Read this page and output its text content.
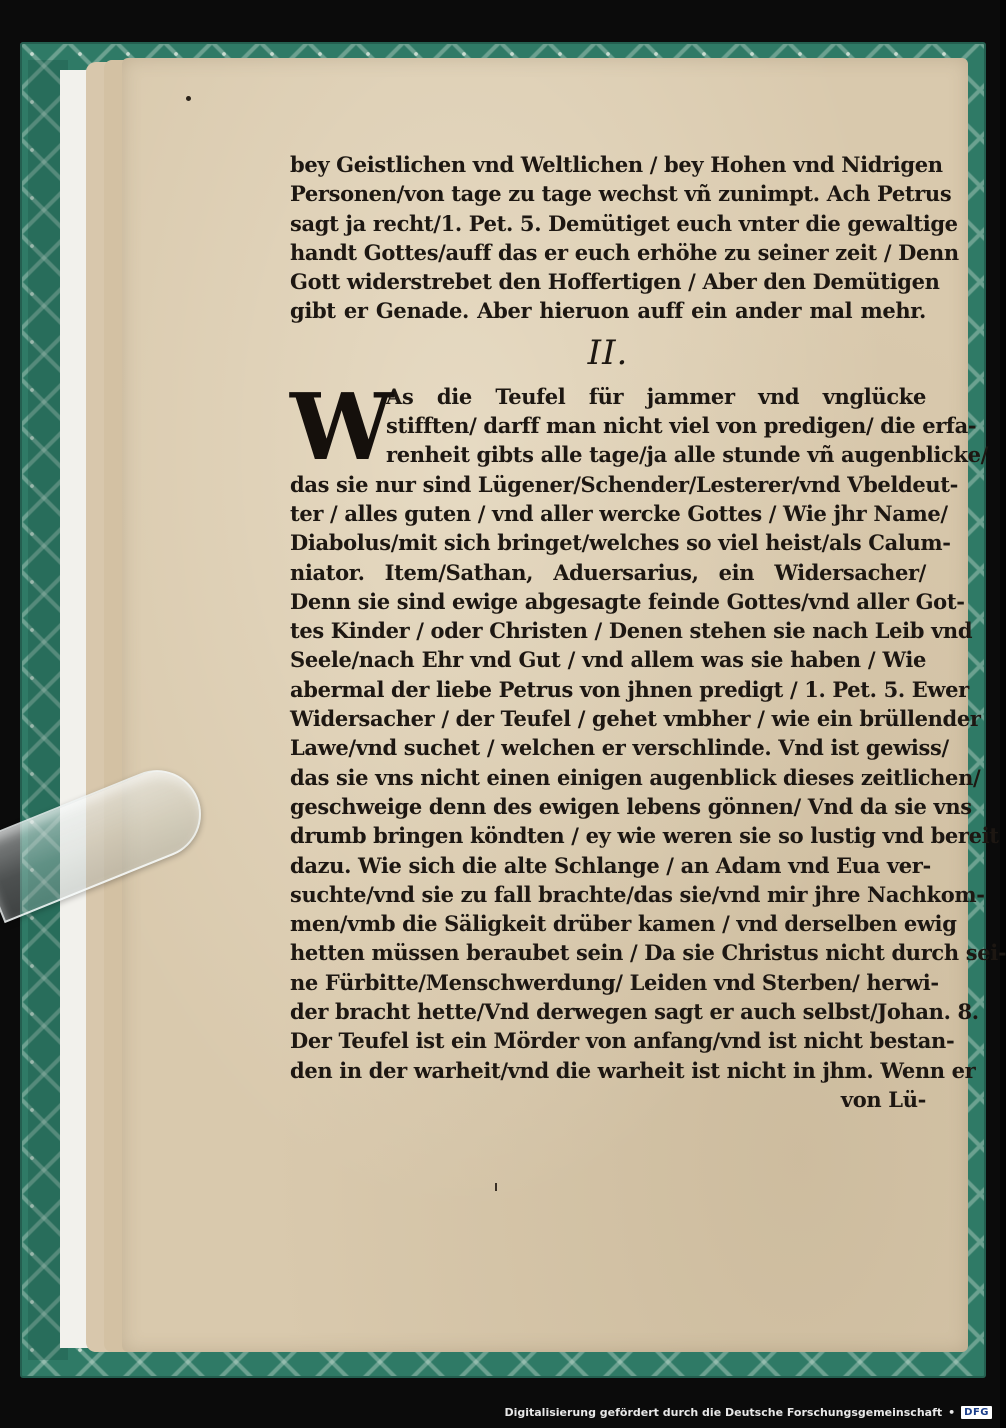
bey Geistlichen vnd Weltlichen / bey Hohen vnd Nidrigen
Personen/von tage zu tage wechst vñ zunimpt. Ach Petrus
sagt ja recht/1. Pet. 5. Demütiget euch vnter die gewaltige
handt Gottes/auff das er euch erhöhe zu seiner zeit / Denn
Gott widerstrebet den Hoffertigen / Aber den Demütigen
gibt er Genade. Aber hieruon auff ein ander mal mehr.
II.
W
As die Teufel für jammer vnd vnglücke
stifften/ darff man nicht viel von predigen/ die erfa-
renheit gibts alle tage/ja alle stunde vñ augenblicke/
das sie nur sind Lügener/Schender/Lesterer/vnd Vbeldeut-
ter / alles guten / vnd aller wercke Gottes / Wie jhr Name/
Diabolus/mit sich bringet/welches so viel heist/als Calum-
niator. Item/Sathan, Aduersarius, ein Widersacher/
Denn sie sind ewige abgesagte feinde Gottes/vnd aller Got-
tes Kinder / oder Christen / Denen stehen sie nach Leib vnd
Seele/nach Ehr vnd Gut / vnd allem was sie haben / Wie
abermal der liebe Petrus von jhnen predigt / 1. Pet. 5. Ewer
Widersacher / der Teufel / gehet vmbher / wie ein brüllender
Lawe/vnd suchet / welchen er verschlinde. Vnd ist gewiss/
das sie vns nicht einen einigen augenblick dieses zeitlichen/
geschweige denn des ewigen lebens gönnen/ Vnd da sie vns
drumb bringen köndten / ey wie weren sie so lustig vnd bereit
dazu. Wie sich die alte Schlange / an Adam vnd Eua ver-
suchte/vnd sie zu fall brachte/das sie/vnd mir jhre Nachkom-
men/vmb die Säligkeit drüber kamen / vnd derselben ewig
hetten müssen beraubet sein / Da sie Christus nicht durch sei-
ne Fürbitte/Menschwerdung/ Leiden vnd Sterben/ herwi-
der bracht hette/Vnd derwegen sagt er auch selbst/Johan. 8.
Der Teufel ist ein Mörder von anfang/vnd ist nicht bestan-
den in der warheit/vnd die warheit ist nicht in jhm. Wenn er
von Lü-
Digitalisierung gefördert durch die Deutsche Forschungsgemeinschaft • DFG
